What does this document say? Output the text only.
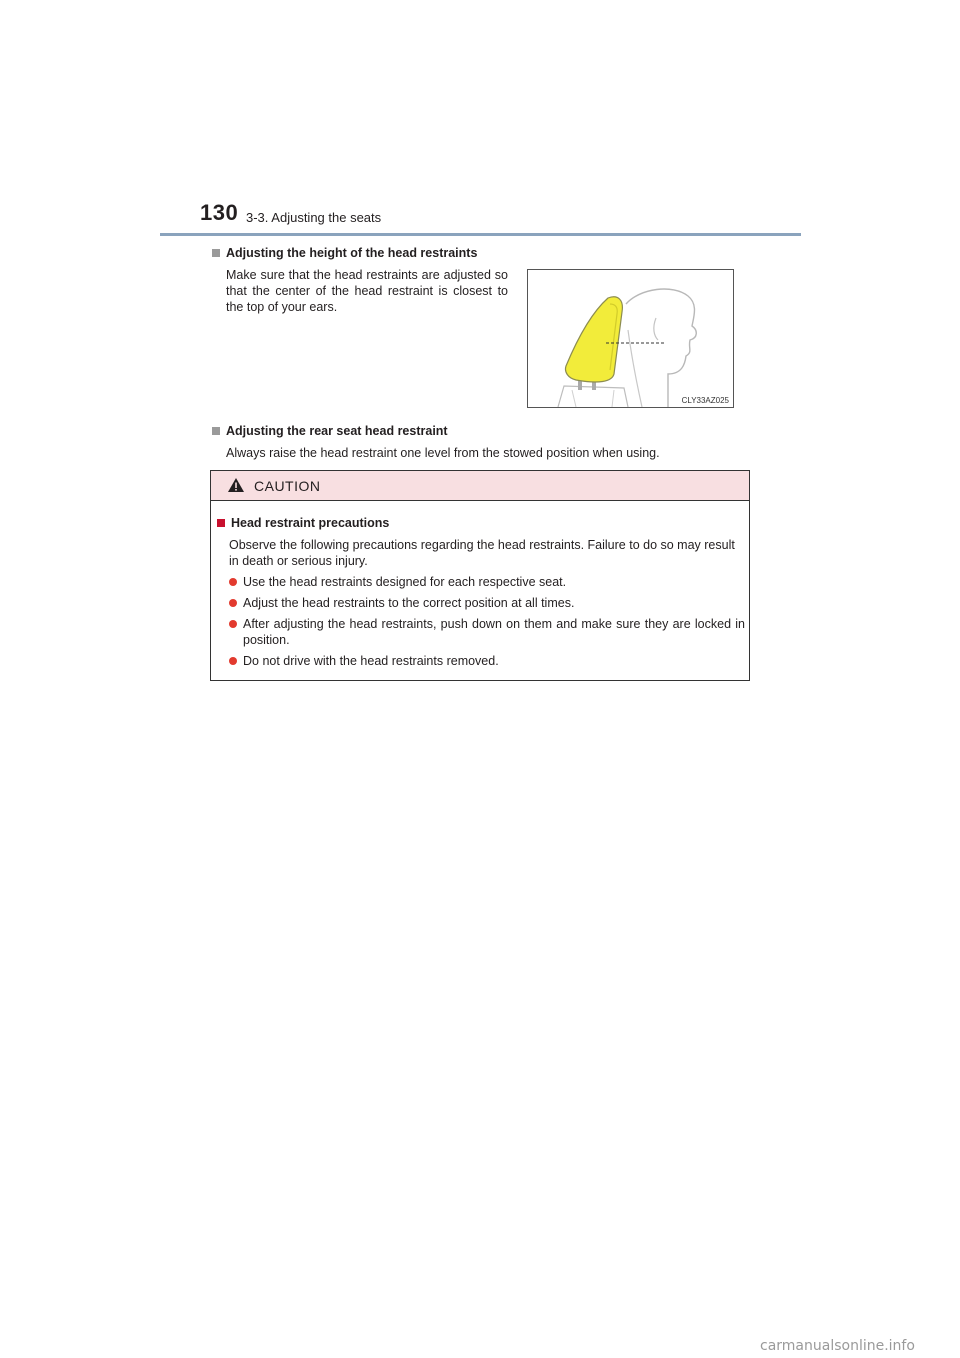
130 3-3. Adjusting the seats
Adjusting the height of the head restraints
Make sure that the head restraints are adjusted so that the center of the head restraint is closest to the top of your ears.
CLY33AZ025
Adjusting the rear seat head restraint
Always raise the head restraint one level from the stowed position when using.
CAUTION
Head restraint precautions
Observe the following precautions regarding the head restraints. Failure to do so may result in death or serious injury.
Use the head restraints designed for each respective seat.
Adjust the head restraints to the correct position at all times.
After adjusting the head restraints, push down on them and make sure they are locked in position.
Do not drive with the head restraints removed.
carmanualsonline.info
